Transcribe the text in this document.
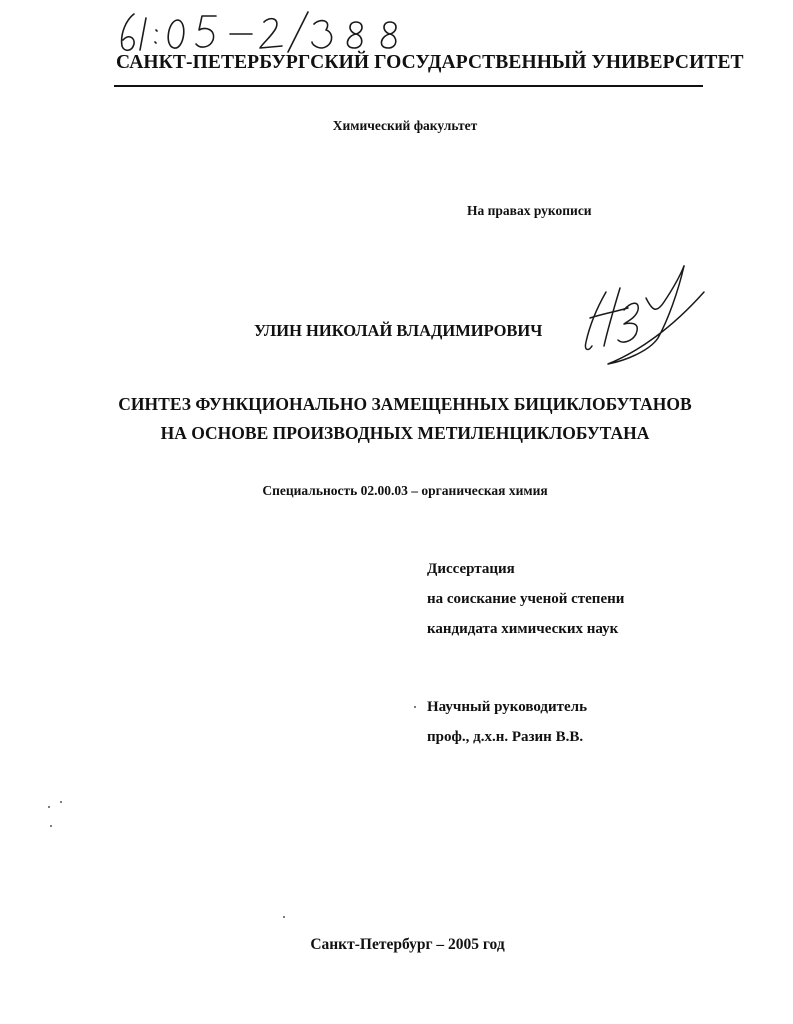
61:05-2/388
САНКТ-ПЕТЕРБУРГСКИЙ ГОСУДАРСТВЕННЫЙ УНИВЕРСИТЕТ
Химический факультет
На правах рукописи
УЛИН НИКОЛАЙ ВЛАДИМИРОВИЧ
СИНТЕЗ ФУНКЦИОНАЛЬНО ЗАМЕЩЕННЫХ БИЦИКЛОБУТАНОВ
НА ОСНОВЕ ПРОИЗВОДНЫХ МЕТИЛЕНЦИКЛОБУТАНА
Специальность 02.00.03 – органическая химия
Диссертация
на соискание ученой степени
кандидата химических наук
Научный руководитель
проф., д.х.н. Разин В.В.
Санкт-Петербург – 2005 год
